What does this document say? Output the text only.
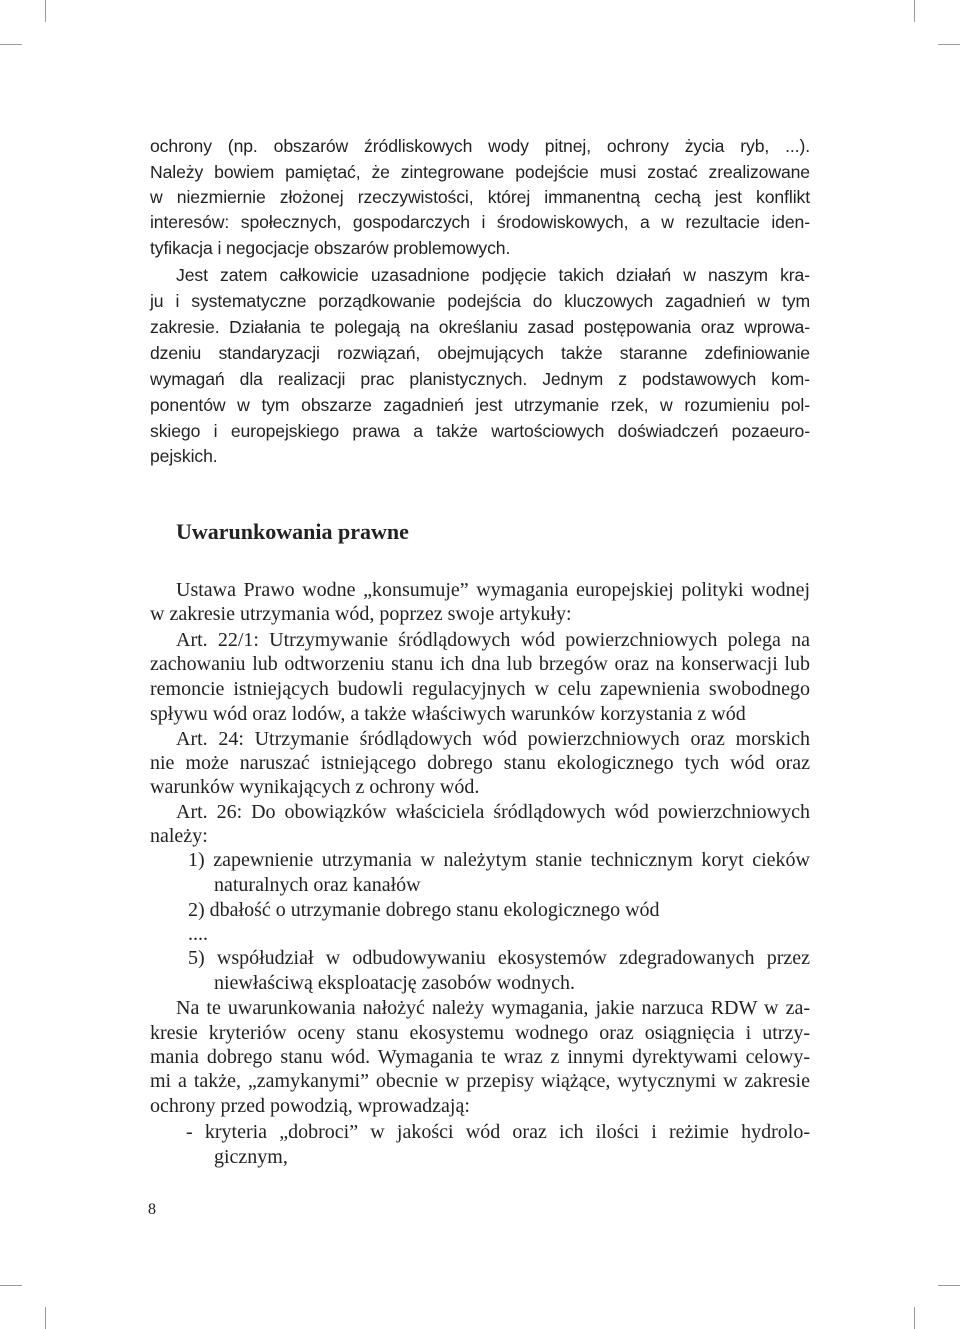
ochrony (np. obszarów źródliskowych wody pitnej, ochrony życia ryb, ...).

Należy bowiem pamiętać, że zintegrowane podejście musi zostać zrealizowane

w niezmiernie złożonej rzeczywistości, której immanentną cechą jest konflikt

interesów: społecznych, gospodarczych i środowiskowych, a w rezultacie iden-

tyfikacja i negocjacje obszarów problemowych.

Jest zatem całkowicie uzasadnione podjęcie takich działań w naszym kra-

ju i systematyczne porządkowanie podejścia do kluczowych zagadnień w tym

zakresie. Działania te polegają na określaniu zasad postępowania oraz wprowa-

dzeniu standaryzacji rozwiązań, obejmujących także staranne zdefiniowanie

wymagań dla realizacji prac planistycznych. Jednym z podstawowych kom-

ponentów w tym obszarze zagadnień jest utrzymanie rzek, w rozumieniu pol-

skiego i europejskiego prawa a także wartościowych doświadczeń pozaeuro-

pejskich.

Uwarunkowania prawne

Ustawa Prawo wodne „konsumuje” wymagania europejskiej polityki wodnej

w zakresie utrzymania wód, poprzez swoje artykuły:

Art. 22/1: Utrzymywanie śródlądowych wód powierzchniowych polega na

zachowaniu lub odtworzeniu stanu ich dna lub brzegów oraz na konserwacji lub

remoncie istniejących budowli regulacyjnych w celu zapewnienia swobodnego

spływu wód oraz lodów, a także właściwych warunków korzystania z wód

Art. 24: Utrzymanie śródlądowych wód powierzchniowych oraz morskich

nie może naruszać istniejącego dobrego stanu ekologicznego tych wód oraz

warunków wynikających z ochrony wód.

Art. 26: Do obowiązków właściciela śródlądowych wód powierzchniowych

należy:

1) zapewnienie utrzymania w należytym stanie technicznym koryt cieków

naturalnych oraz kanałów

2) dbałość o utrzymanie dobrego stanu ekologicznego wód

....

5) współudział w odbudowywaniu ekosystemów zdegradowanych przez

niewłaściwą eksploatację zasobów wodnych.

Na te uwarunkowania nałożyć należy wymagania, jakie narzuca RDW w za-

kresie kryteriów oceny stanu ekosystemu wodnego oraz osiągnięcia i utrzy-

mania dobrego stanu wód. Wymagania te wraz z innymi dyrektywami celowy-

mi a także, „zamykanymi” obecnie w przepisy wiążące, wytycznymi w zakresie

ochrony przed powodzią, wprowadzają:

- kryteria „dobroci” w jakości wód oraz ich ilości i reżimie hydrolo-

gicznym,

8
